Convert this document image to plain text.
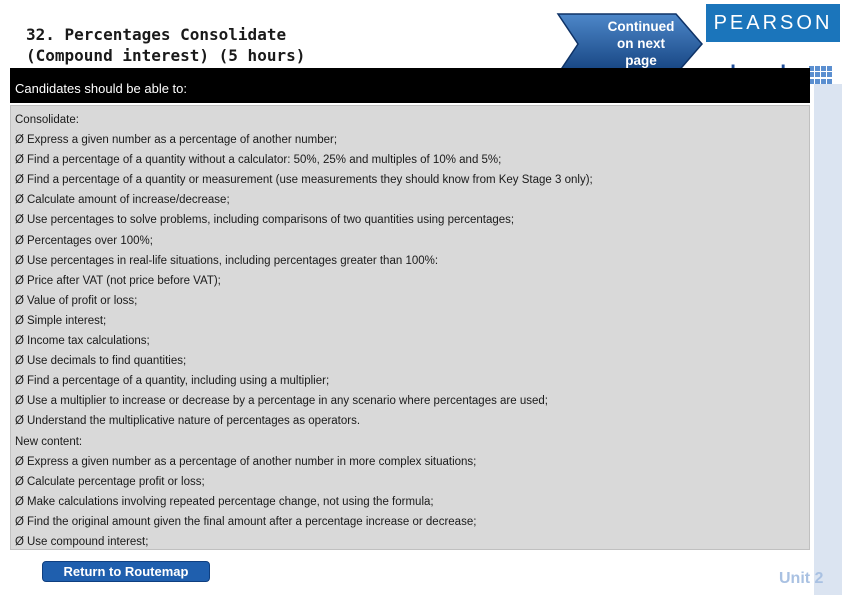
32. Percentages Consolidate
(Compound interest) (5 hours)
Continued
on next
page
PEARSON
Candidates should be able to:
Consolidate:
Ø Express a given number as a percentage of another number;
Ø Find a percentage of a quantity without a calculator: 50%, 25% and multiples of 10% and 5%;
Ø Find a percentage of a quantity or measurement (use measurements they should know from Key Stage 3 only);
Ø Calculate amount of increase/decrease;
Ø Use percentages to solve problems, including comparisons of two quantities using percentages;
Ø Percentages over 100%;
Ø Use percentages in real-life situations, including percentages greater than 100%:
Ø Price after VAT (not price before VAT);
Ø Value of profit or loss;
Ø Simple interest;
Ø Income tax calculations;
Ø Use decimals to find quantities;
Ø Find a percentage of a quantity, including using a multiplier;
Ø Use a multiplier to increase or decrease by a percentage in any scenario where percentages are used;
Ø Understand the multiplicative nature of percentages as operators.
New content:
Ø Express a given number as a percentage of another number in more complex situations;
Ø Calculate percentage profit or loss;
Ø Make calculations involving repeated percentage change, not using the formula;
Ø Find the original amount given the final amount after a percentage increase or decrease;
Ø Use compound interest;
Return to Routemap	Unit 2
